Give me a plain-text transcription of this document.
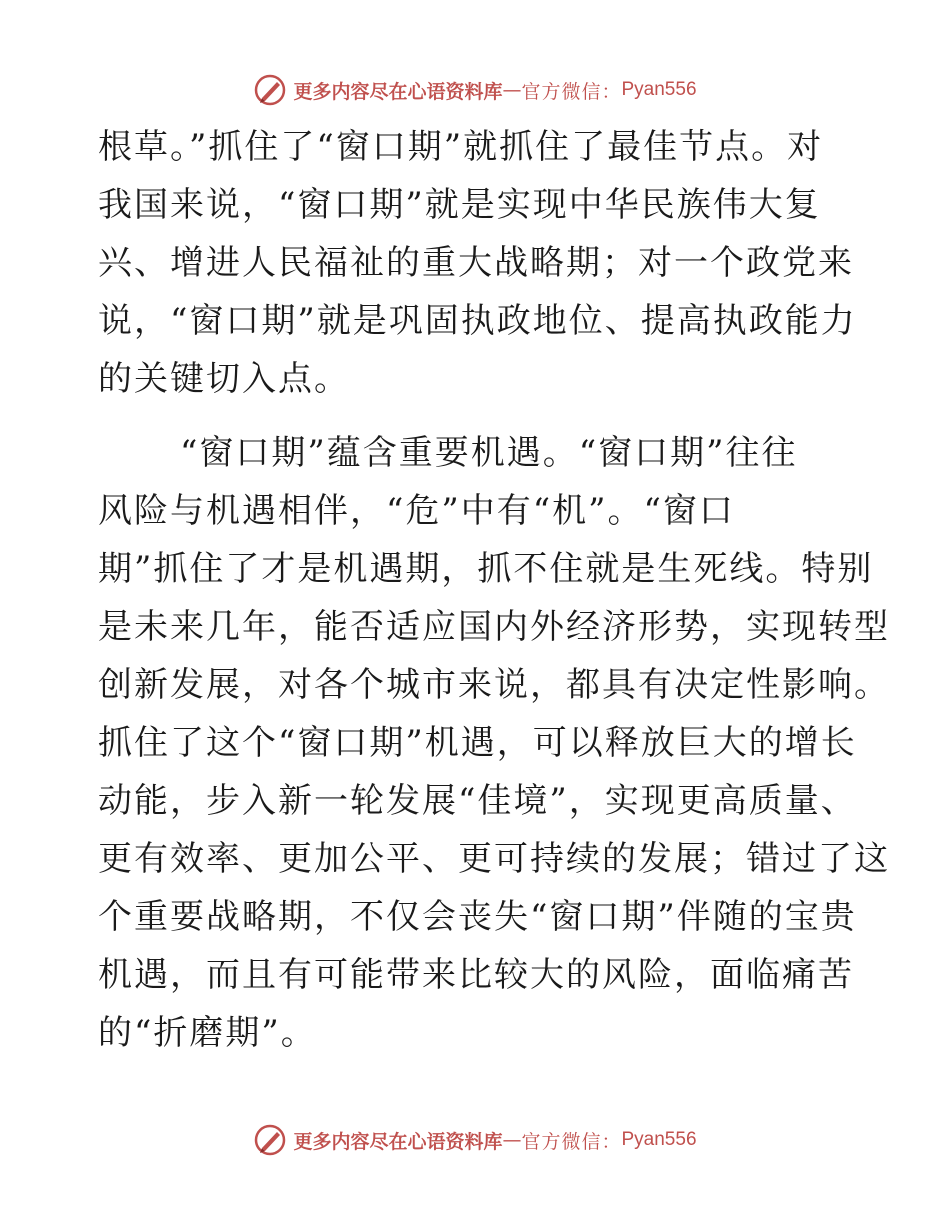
更多内容尽在心语资料库 — 官方微信： Pyan556
根草。”抓住了“窗口期”就抓住了最佳节点。对
我国来说，“窗口期”就是实现中华民族伟大复
兴、增进人民福祉的重大战略期；对一个政党来
说，“窗口期”就是巩固执政地位、提高执政能力
的关键切入点。
“窗口期”蕴含重要机遇。“窗口期”往往
风险与机遇相伴，“危”中有“机”。“窗口
期”抓住了才是机遇期，抓不住就是生死线。特别
是未来几年，能否适应国内外经济形势，实现转型
创新发展，对各个城市来说，都具有决定性影响。
抓住了这个“窗口期”机遇，可以释放巨大的增长
动能，步入新一轮发展“佳境”，实现更高质量、
更有效率、更加公平、更可持续的发展；错过了这
个重要战略期，不仅会丧失“窗口期”伴随的宝贵
机遇，而且有可能带来比较大的风险，面临痛苦
的“折磨期”。
更多内容尽在心语资料库 — 官方微信： Pyan556
